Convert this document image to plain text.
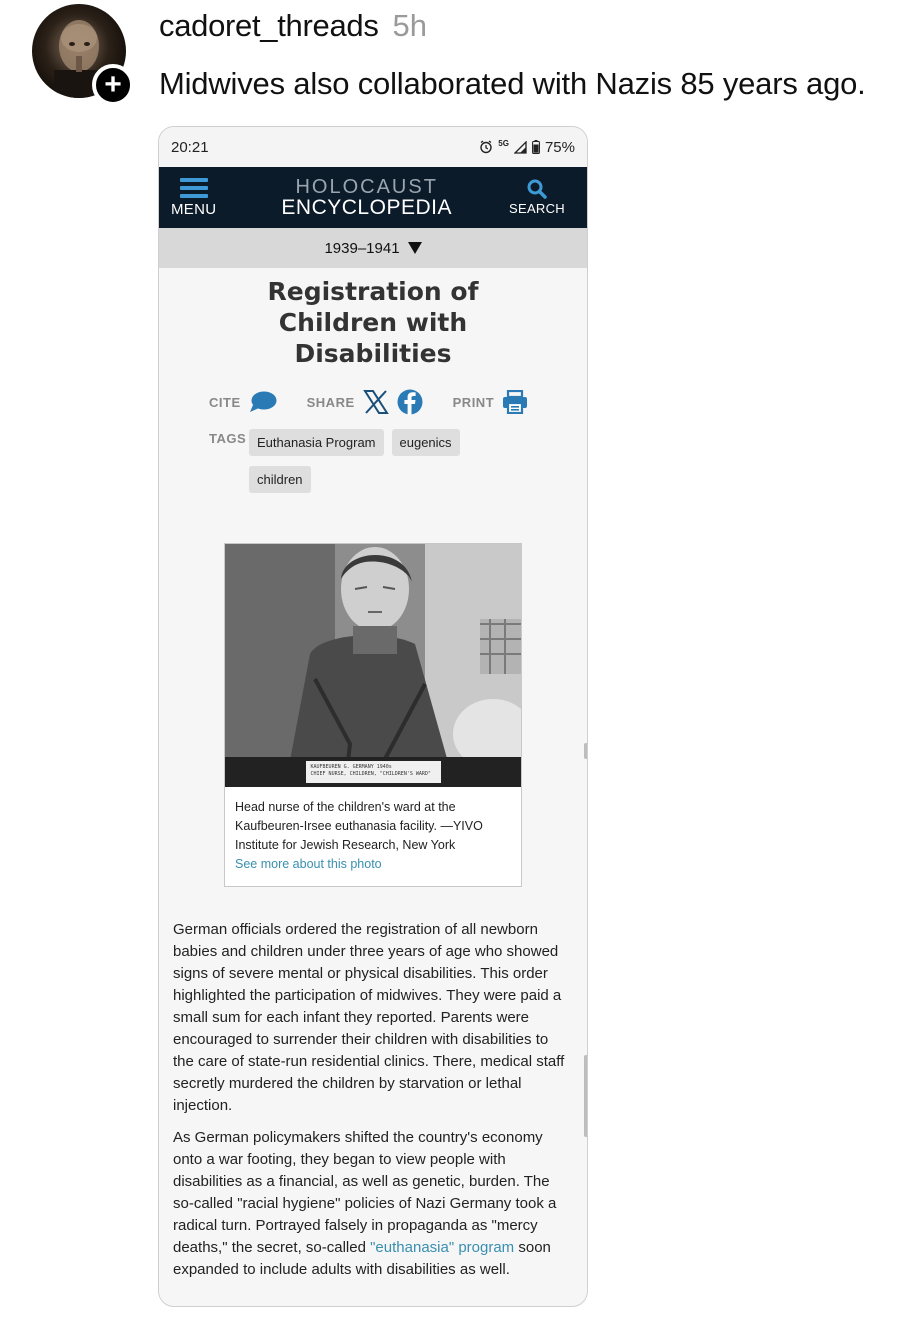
+
cadoret_threads 5h
Midwives also collaborated with Nazis 85 years ago.
20:21	5G 75%
MENU
HOLOCAUST
ENCYCLOPEDIA	SEARCH
1939–1941
Registration of Children with Disabilities
CITE	SHARE	PRINT
TAGS Euthanasia Program	eugenics
children
KAUFBEUREN G. GERMANY 1940s
CHIEF NURSE, CHILDREN, "CHILDREN'S WARD"
Head nurse of the children's ward at the Kaufbeuren-Irsee euthanasia facility. —YIVO Institute for Jewish Research, New York
See more about this photo

German officials ordered the registration of all newborn babies and children under three years of age who showed signs of severe mental or physical disabilities. This order highlighted the participation of midwives. They were paid a small sum for each infant they reported. Parents were encouraged to surrender their children with disabilities to the care of state-run residential clinics. There, medical staff secretly murdered the children by starvation or lethal injection.

As German policymakers shifted the country's economy onto a war footing, they began to view people with disabilities as a financial, as well as genetic, burden. The so-called "racial hygiene" policies of Nazi Germany took a radical turn. Portrayed falsely in propaganda as "mercy deaths," the secret, so-called "euthanasia" program soon expanded to include adults with disabilities as well.
